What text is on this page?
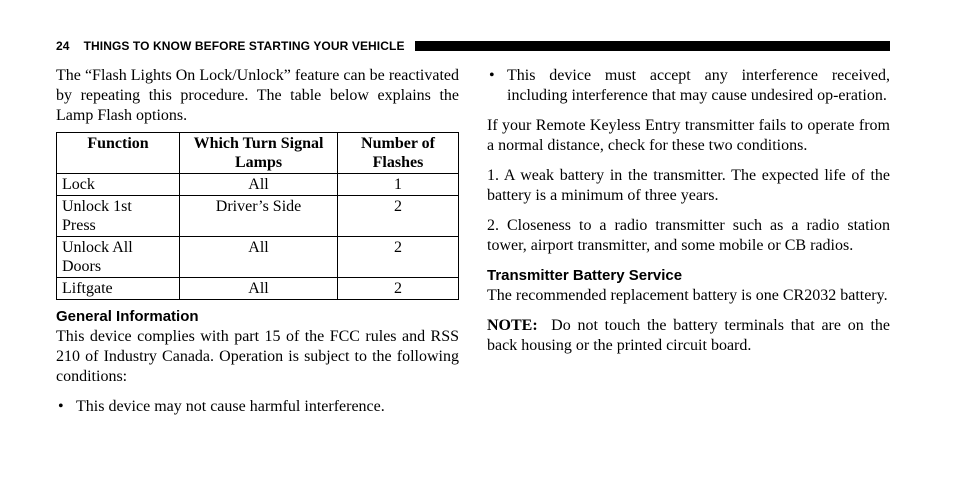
24 THINGS TO KNOW BEFORE STARTING YOUR VEHICLE

The “Flash Lights On Lock/Unlock” feature can be reactivated by repeating this procedure. The table below explains the Lamp Flash options.

Function	Which Turn Signal Lamps	Number of Flashes
Lock	All	1
Unlock 1st Press	Driver’s Side	2
Unlock All Doors	All	2
Liftgate	All	2
General Information

This device complies with part 15 of the FCC rules and RSS 210 of Industry Canada. Operation is subject to the following conditions:

• This device may not cause harmful interference.
• This device must accept any interference received, including interference that may cause undesired op-eration.

If your Remote Keyless Entry transmitter fails to operate from a normal distance, check for these two conditions.

1. A weak battery in the transmitter. The expected life of the battery is a minimum of three years.

2. Closeness to a radio transmitter such as a radio station tower, airport transmitter, and some mobile or CB radios.

Transmitter Battery Service

The recommended replacement battery is one CR2032 battery.

NOTE: Do not touch the battery terminals that are on the back housing or the printed circuit board.
